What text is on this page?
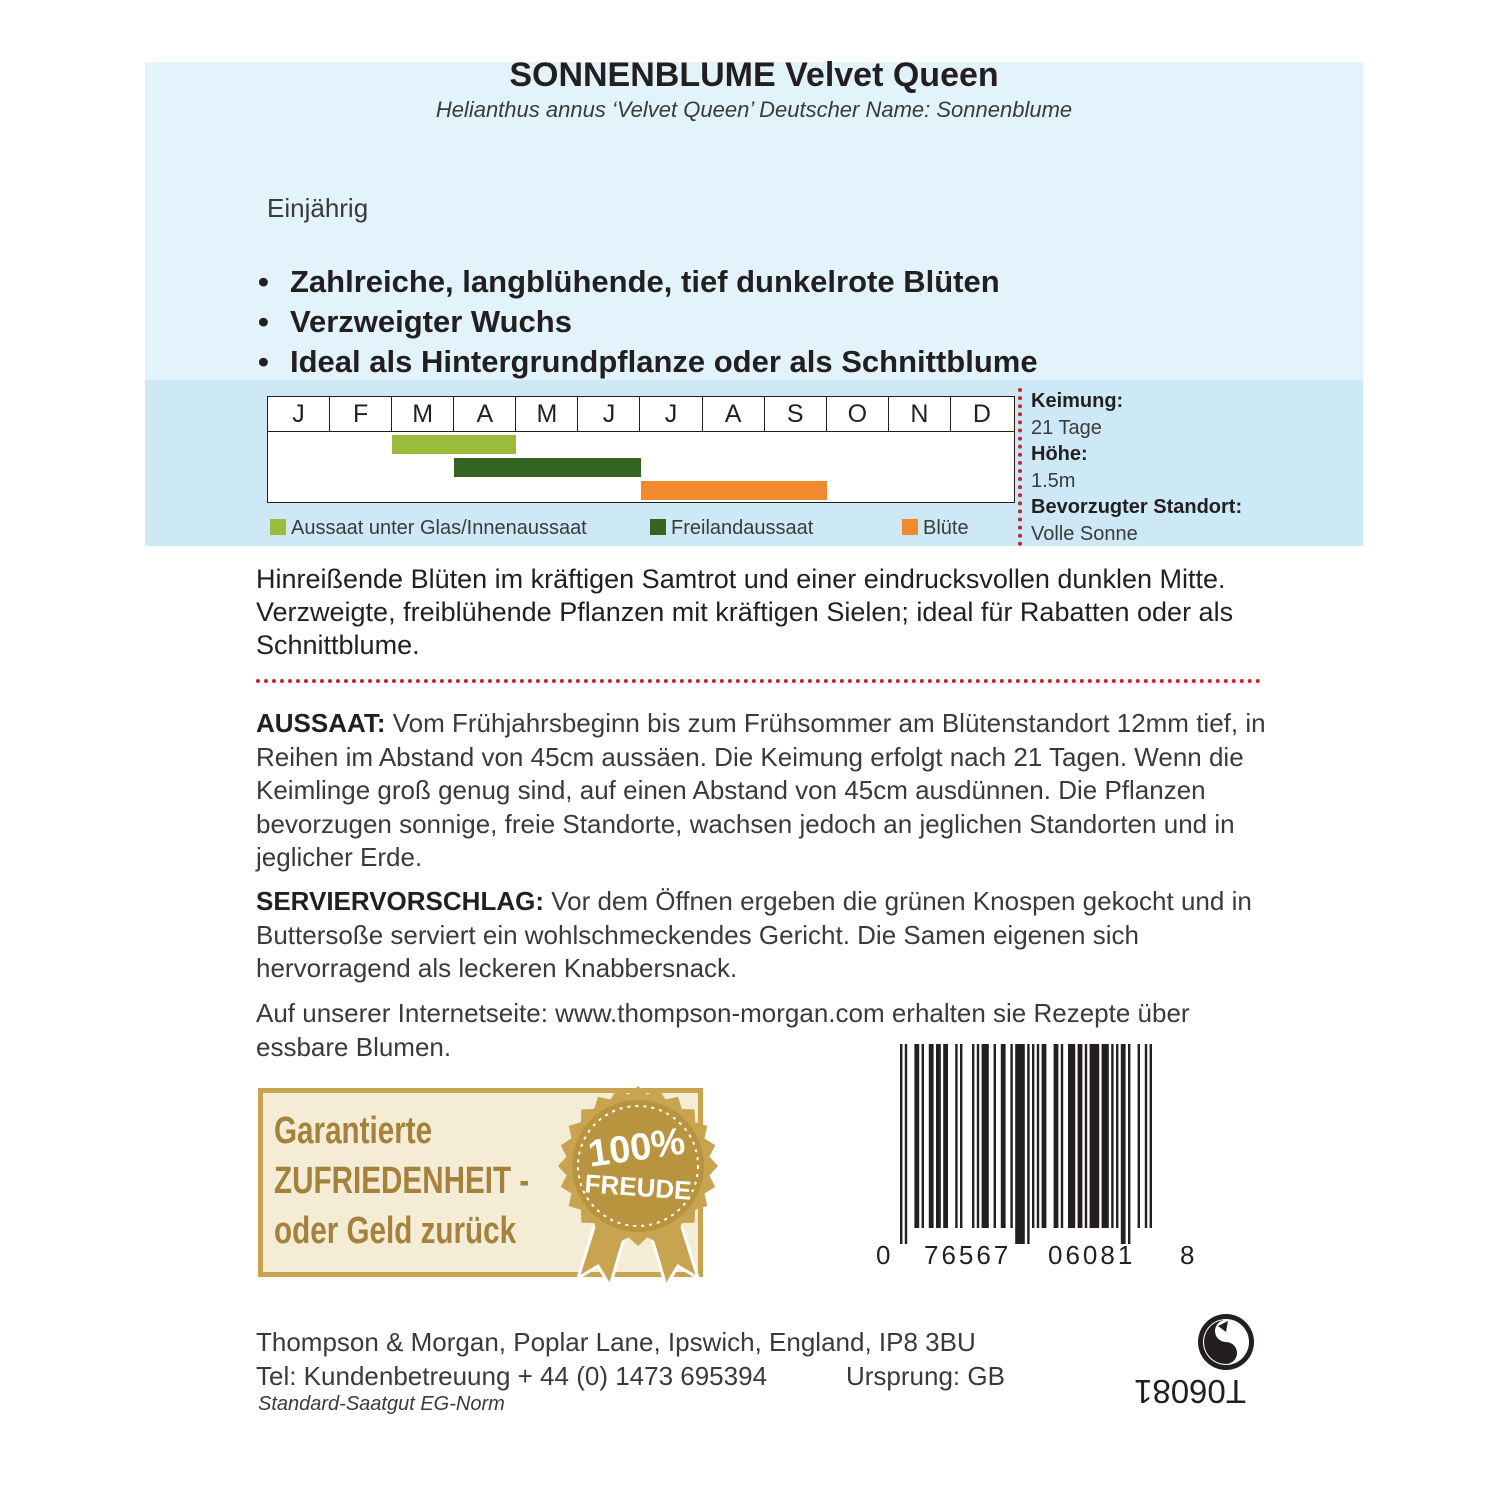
SONNENBLUME Velvet Queen
Helianthus annus ‘Velvet Queen’ Deutscher Name: Sonnenblume
Einjährig
• Zahlreiche, langblühende, tief dunkelrote Blüten
• Verzweigter Wuchs
• Ideal als Hintergrundpflanze oder als Schnittblume
J	F	M	A	M	J	J	A	S	O	N	D
Aussaat unter Glas/Innenaussaat	Freilandaussaat	Blüte
Keimung:
21 Tage
Höhe:
1.5m
Bevorzugter Standort:
Volle Sonne
Hinreißende Blüten im kräftigen Samtrot und einer eindrucksvollen dunklen Mitte. Verzweigte, freiblühende Pflanzen mit kräftigen Sielen; ideal für Rabatten oder als Schnittblume.
AUSSAAT: Vom Frühjahrsbeginn bis zum Frühsommer am Blütenstandort 12mm tief, in Reihen im Abstand von 45cm aussäen. Die Keimung erfolgt nach 21 Tagen. Wenn die Keimlinge groß genug sind, auf einen Abstand von 45cm ausdünnen. Die Pflanzen bevorzugen sonnige, freie Standorte, wachsen jedoch an jeglichen Standorten und in jeglicher Erde.
SERVIERVORSCHLAG: Vor dem Öffnen ergeben die grünen Knospen gekocht und in Buttersoße serviert ein wohlschmeckendes Gericht. Die Samen eigenen sich hervorragend als leckeren Knabbersnack.
Auf unserer Internetseite: www.thompson-morgan.com erhalten sie Rezepte über essbare Blumen.
Garantierte
ZUFRIEDENHEIT -
oder Geld zurück
100%
FREUDE
0 76567 06081 8
Thompson & Morgan, Poplar Lane, Ipswich, England, IP8 3BU
Tel: Kundenbetreuung + 44 (0) 1473 695394	Ursprung: GB
Standard-Saatgut EG-Norm	T06081
